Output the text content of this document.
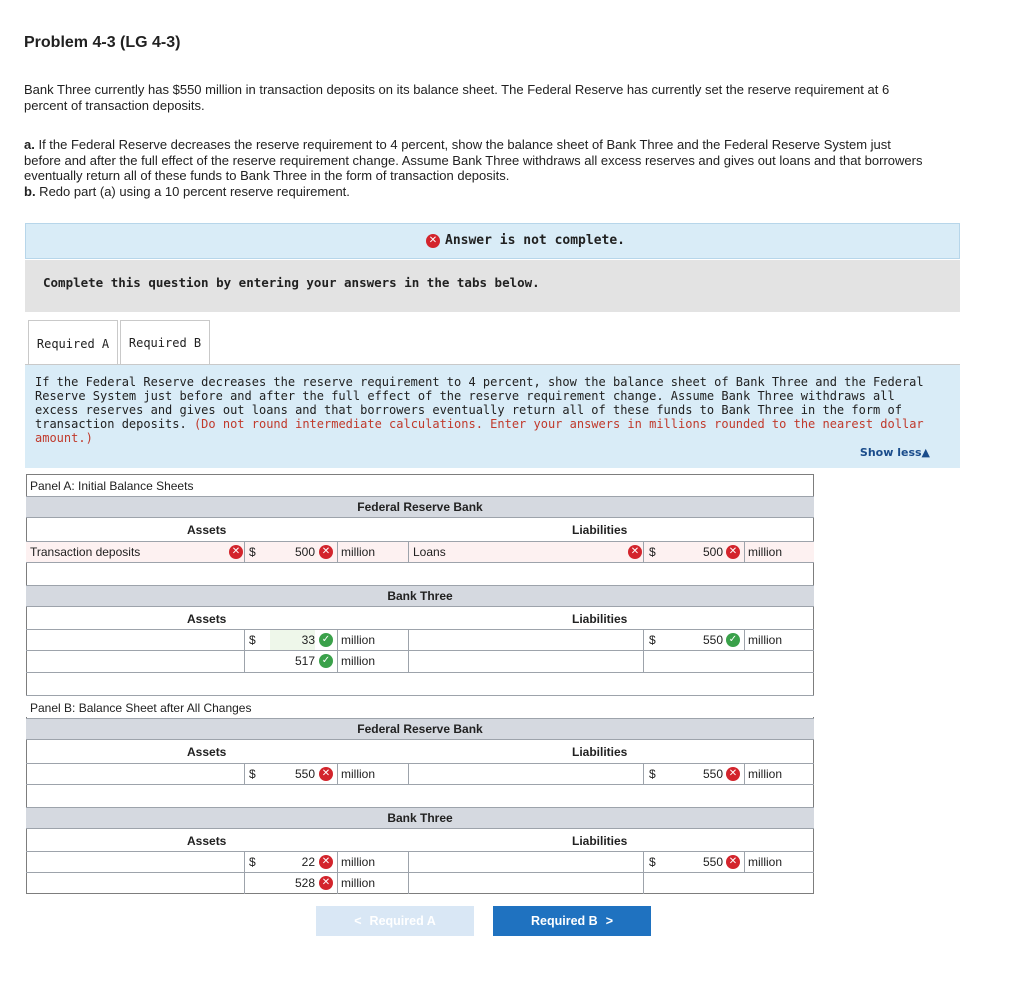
Problem 4-3 (LG 4-3)
Bank Three currently has $550 million in transaction deposits on its balance sheet. The Federal Reserve has currently set the reserve requirement at 6 percent of transaction deposits.
a. If the Federal Reserve decreases the reserve requirement to 4 percent, show the balance sheet of Bank Three and the Federal Reserve System just before and after the full effect of the reserve requirement change. Assume Bank Three withdraws all excess reserves and gives out loans and that borrowers eventually return all of these funds to Bank Three in the form of transaction deposits.
b. Redo part (a) using a 10 percent reserve requirement.
✕ Answer is not complete.
Complete this question by entering your answers in the tabs below.
Required A	Required B
If the Federal Reserve decreases the reserve requirement to 4 percent, show the balance sheet of Bank Three and the Federal Reserve System just before and after the full effect of the reserve requirement change. Assume Bank Three withdraws all excess reserves and gives out loans and that borrowers eventually return all of these funds to Bank Three in the form of transaction deposits. (Do not round intermediate calculations. Enter your answers in millions rounded to the nearest dollar amount.)
Show less▲
Panel A: Initial Balance Sheets
Federal Reserve Bank
Assets	Liabilities
Transaction deposits	✕ $	500 ✕ million	Loans	✕ $	500 ✕ million
Bank Three
Assets	Liabilities
$	33 ✓ million	$	550 ✓ million
517 ✓ million
Panel B: Balance Sheet after All Changes
Federal Reserve Bank
Assets	Liabilities
$	550 ✕ million	$	550 ✕ million
Bank Three
Assets	Liabilities
$	22 ✕ million	$	550 ✕ million
528 ✕ million
< Required A	Required B >
